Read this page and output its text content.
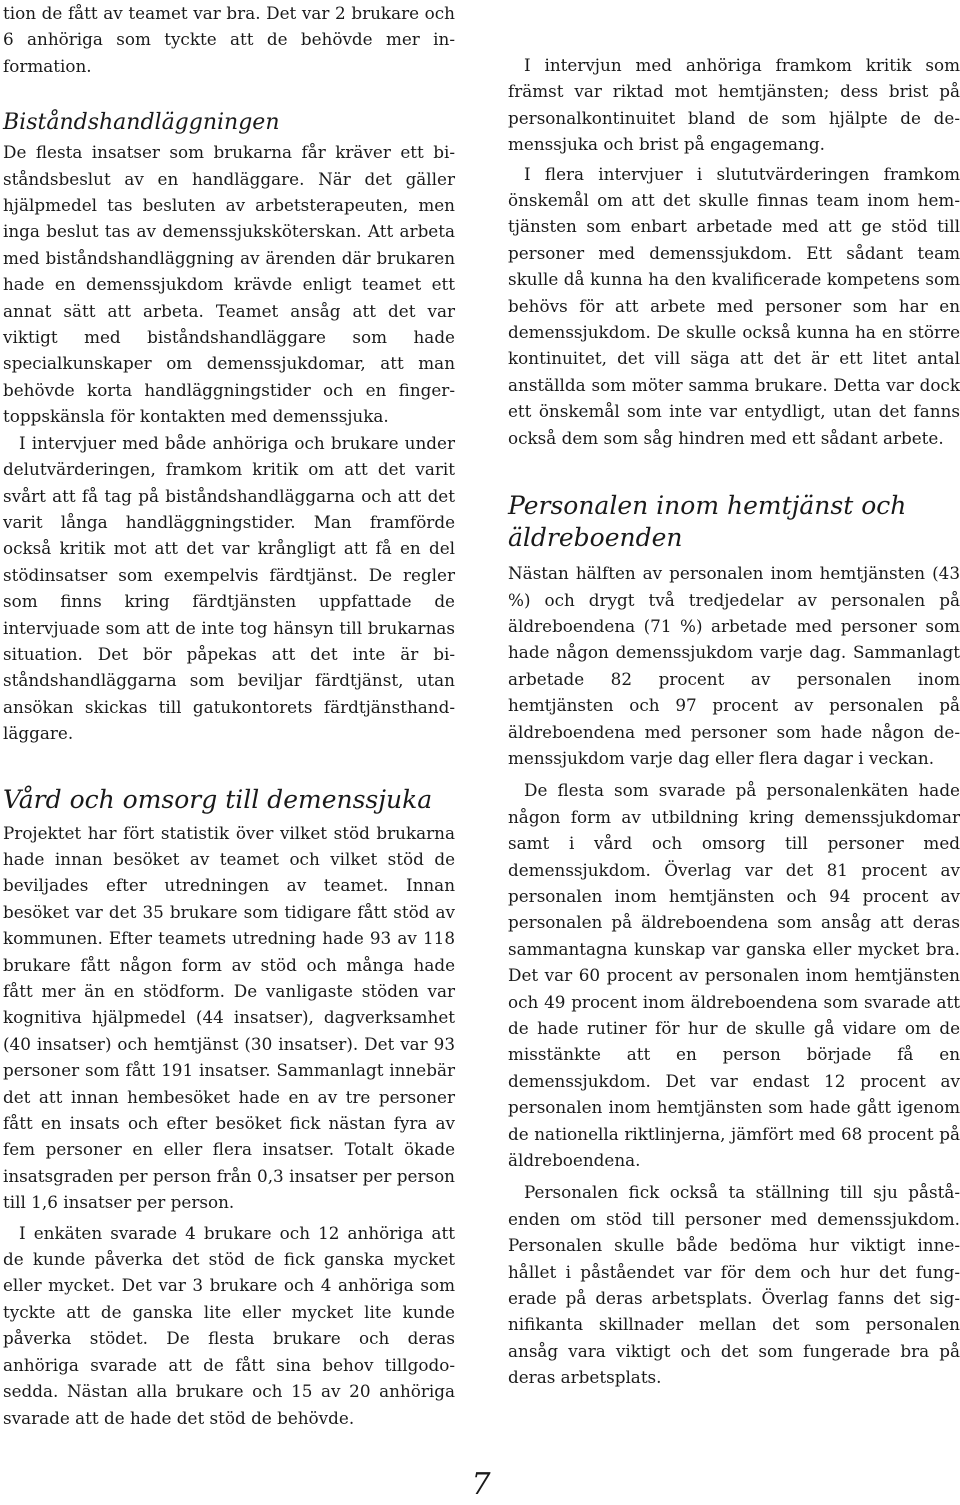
tion de fått av teamet var bra. Det var 2 brukare och 6 anhöriga som tyckte att de behövde mer information.

Biståndshandläggningen

De flesta insatser som brukarna får kräver ett biståndsbeslut av en handläggare. När det gäller hjälpmedel tas besluten av arbetsterapeuten, men inga beslut tas av demenssjuksköterskan. Att arbeta med biståndshandläggning av ärenden där brukaren hade en demenssjukdom krävde enligt teamet ett annat sätt att arbeta. Teamet ansåg att det var viktigt med biståndshandläggare som hade specialkunskaper om demenssjukdomar, att man behövde korta handläggningstider och en fingertoppskänsla för kontakten med demenssjuka.

I intervjuer med både anhöriga och brukare under delutvärderingen, framkom kritik om att det varit svårt att få tag på biståndshandläggarna och att det varit långa handläggningstider. Man framförde också kritik mot att det var krångligt att få en del stödinsatser som exempelvis färdtjänst. De regler som finns kring färdtjänsten uppfattade de intervjuade som att de inte tog hänsyn till brukarnas situation. Det bör påpekas att det inte är biståndshandläggarna som beviljar färdtjänst, utan ansökan skickas till gatukontorets färdtjänsthandläggare.

Vård och omsorg till demenssjuka

Projektet har fört statistik över vilket stöd brukarna hade innan besöket av teamet och vilket stöd de beviljades efter utredningen av teamet. Innan besöket var det 35 brukare som tidigare fått stöd av kommunen. Efter teamets utredning hade 93 av 118 brukare fått någon form av stöd och många hade fått mer än en stödform. De vanligaste stöden var kognitiva hjälpmedel (44 insatser), dagverksamhet (40 insatser) och hemtjänst (30 insatser). Det var 93 personer som fått 191 insatser. Sammanlagt innebär det att innan hembesöket hade en av tre personer fått en insats och efter besöket fick nästan fyra av fem personer en eller flera insatser. Totalt ökade insatsgraden per person från 0,3 insatser per person till 1,6 insatser per person.

I enkäten svarade 4 brukare och 12 anhöriga att de kunde påverka det stöd de fick ganska mycket eller mycket. Det var 3 brukare och 4 anhöriga som tyckte att de ganska lite eller mycket lite kunde påverka stödet. De flesta brukare och deras anhöriga svarade att de fått sina behov tillgodosedda. Nästan alla brukare och 15 av 20 anhöriga svarade att de hade det stöd de behövde.

I intervjun med anhöriga framkom kritik som främst var riktad mot hemtjänsten; dess brist på personalkontinuitet bland de som hjälpte de demenssjuka och brist på engagemang.

I flera intervjuer i slututvärderingen framkom önskemål om att det skulle finnas team inom hemtjänsten som enbart arbetade med att ge stöd till personer med demenssjukdom. Ett sådant team skulle då kunna ha den kvalificerade kompetens som behövs för att arbete med personer som har en demenssjukdom. De skulle också kunna ha en större kontinuitet, det vill säga att det är ett litet antal anställda som möter samma brukare. Detta var dock ett önskemål som inte var entydligt, utan det fanns också dem som såg hindren med ett sådant arbete.

Personalen inom hemtjänst och äldreboenden

Nästan hälften av personalen inom hemtjänsten (43 %) och drygt två tredjedelar av personalen på äldreboendena (71 %) arbetade med personer som hade någon demenssjukdom varje dag. Sammanlagt arbetade 82 procent av personalen inom hemtjänsten och 97 procent av personalen på äldreboendena med personer som hade någon demenssjukdom varje dag eller flera dagar i veckan.

De flesta som svarade på personalenkäten hade någon form av utbildning kring demenssjukdomar samt i vård och omsorg till personer med demenssjukdom. Överlag var det 81 procent av personalen inom hemtjänsten och 94 procent av personalen på äldreboendena som ansåg att deras sammantagna kunskap var ganska eller mycket bra. Det var 60 procent av personalen inom hemtjänsten och 49 procent inom äldreboendena som svarade att de hade rutiner för hur de skulle gå vidare om de misstänkte att en person började få en demenssjukdom. Det var endast 12 procent av personalen inom hemtjänsten som hade gått igenom de nationella riktlinjerna, jämfört med 68 procent på äldreboendena.

Personalen fick också ta ställning till sju påståenden om stöd till personer med demenssjukdom. Personalen skulle både bedöma hur viktigt innehållet i påståendet var för dem och hur det fungerade på deras arbetsplats. Överlag fanns det signifikanta skillnader mellan det som personalen ansåg vara viktigt och det som fungerade bra på deras arbetsplats.

7
